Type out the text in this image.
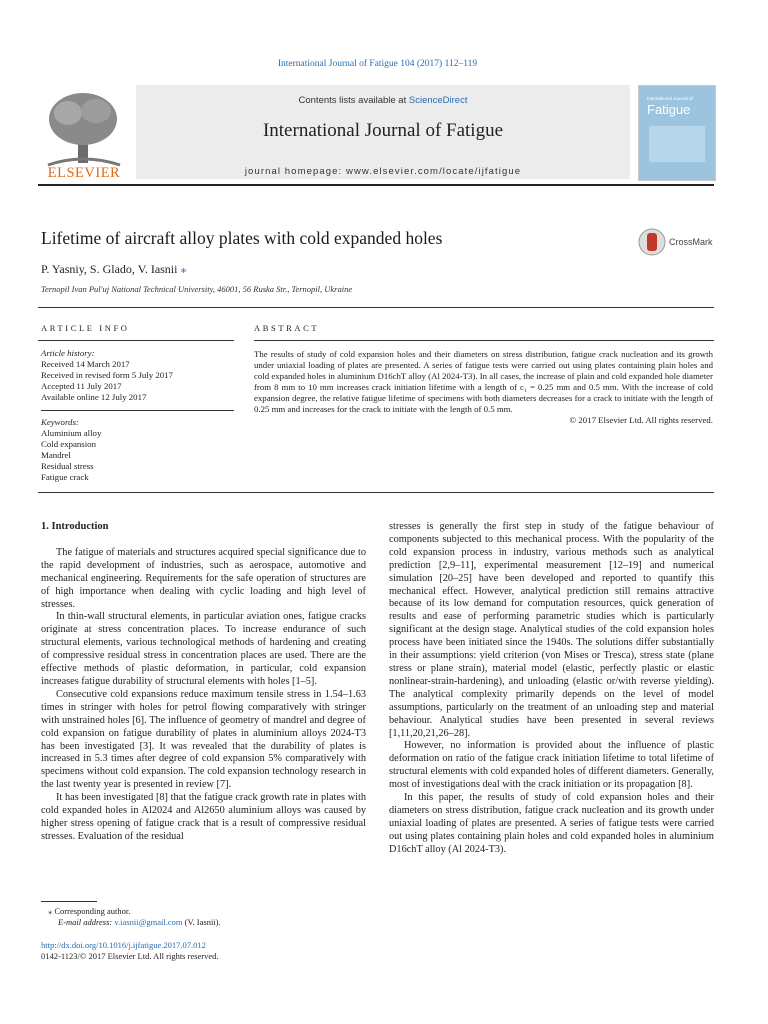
International Journal of Fatigue 104 (2017) 112–119
ELSEVIER
Contents lists available at ScienceDirect
International Journal of Fatigue
journal homepage: www.elsevier.com/locate/ijfatigue
International Journal of
Fatigue
Lifetime of aircraft alloy plates with cold expanded holes	CrossMark
P. Yasniy, S. Glado, V. Iasnii ⁎
Ternopil Ivan Pul'uj National Technical University, 46001, 56 Ruska Str., Ternopil, Ukraine
ARTICLE INFO
Article history:
Received 14 March 2017
Received in revised form 5 July 2017
Accepted 11 July 2017
Available online 12 July 2017
Keywords:
Aluminium alloy
Cold expansion
Mandrel
Residual stress
Fatigue crack
ABSTRACT
The results of study of cold expansion holes and their diameters on stress distribution, fatigue crack nucleation and its growth under uniaxial loading of plates are presented. A series of fatigue tests were carried out using plates containing plain holes and cold expanded holes in aluminium D16chT alloy (Al 2024-T3). In all cases, the increase of plain and cold expanded hole diameter from 8 mm to 10 mm increases crack initiation lifetime with a length of c₁ = 0.25 mm and 0.5 mm. With the increase of cold expansion degree, the relative fatigue lifetime of specimens with both diameters decreases for a crack to initiate with the length of 0.25 mm and increases for the crack to initiate with the length of 0.5 mm.
© 2017 Elsevier Ltd. All rights reserved.
1. Introduction

The fatigue of materials and structures acquired special significance due to the rapid development of industries, such as aerospace, automotive and mechanical engineering. Requirements for the safe operation of structures are of high importance when dealing with cyclic loading and high level of stresses.

In thin-wall structural elements, in particular aviation ones, fatigue cracks originate at stress concentration places. To increase endurance of such structural elements, various technological methods of hardening and creating of compressive residual stress in concentration places are used. There are the effective methods of plastic deformation, in particular, cold expansion increases fatigue durability of structural elements with holes [1–5].

Consecutive cold expansions reduce maximum tensile stress in 1.54–1.63 times in stringer with holes for petrol flowing comparatively with stringer with unstrained holes [6]. The influence of geometry of mandrel and degree of cold expansion on fatigue durability of plates in aluminium alloys 2024-T3 has been investigated [3]. It was revealed that the durability of plates is increased in 5.3 times after degree of cold expansion 5% comparatively with specimens without cold expansion. The cold expansion technology research in the last twenty year is presented in review [7].

It has been investigated [8] that the fatigue crack growth rate in plates with cold expanded holes in Al2024 and Al2650 aluminium alloys was caused by higher stress opening of fatigue crack that is a result of compressive residual stresses. Evaluation of the residual

stresses is generally the first step in study of the fatigue behaviour of components subjected to this mechanical process. With the popularity of the cold expansion process in industry, various methods such as analytical prediction [2,9–11], experimental measurement [12–19] and numerical simulation [20–25] have been developed and reported to quantify this mechanical effect. However, analytical prediction still remains attractive because of its low demand for computation resources, quick generation of results and ease of performing parametric studies which is particularly significant at the design stage. Analytical studies of the cold expansion holes process have been initiated since the 1940s. The solutions differ substantially in their assumptions: yield criterion (von Mises or Tresca), stress state (plane stress or plane strain), material model (elastic, perfectly plastic or elastic nonlinear-strain-hardening), and unloading (elastic or/with reverse yielding). The analytical complexity primarily depends on the level of model assumptions, particularly on the treatment of an unloading step and material behaviour. Analytical studies have been presented in several reviews [1,11,20,21,26–28].

However, no information is provided about the influence of plastic deformation on ratio of the fatigue crack initiation lifetime to total lifetime of structural elements with cold expanded holes of different diameters. Generally, most of investigations deal with the crack initiation or its propagation [8].

In this paper, the results of study of cold expansion holes and their diameters on stress distribution, fatigue crack nucleation and its growth under uniaxial loading of plates are presented. A series of fatigue tests were carried out using plates containing plain holes and cold expanded holes in aluminium D16chT alloy (Al 2024-T3).

⁎ Corresponding author.
E-mail address: v.iasnii@gmail.com (V. Iasnii).
http://dx.doi.org/10.1016/j.ijfatigue.2017.07.012
0142-1123/© 2017 Elsevier Ltd. All rights reserved.
